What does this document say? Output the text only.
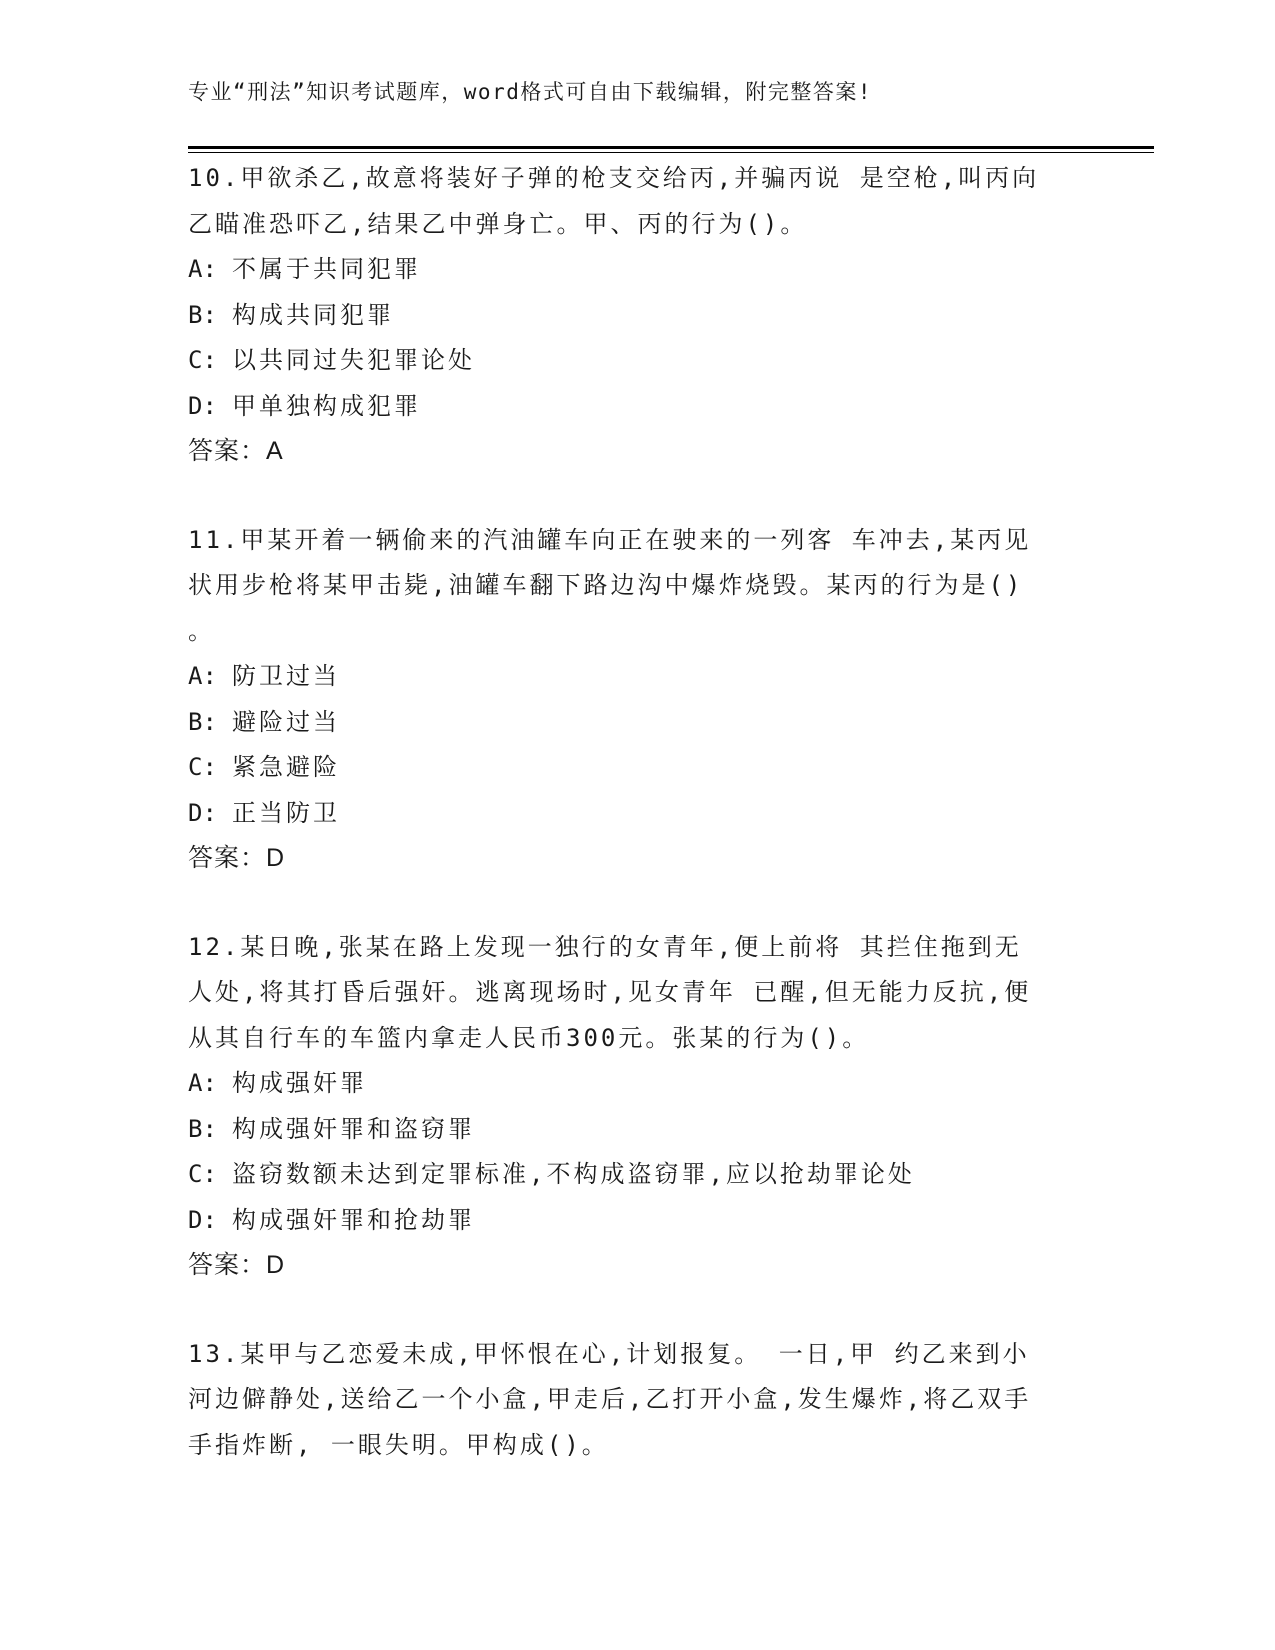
专业“刑法”知识考试题库，word格式可自由下载编辑，附完整答案!
10.甲欲杀乙,故意将装好子弹的枪支交给丙,并骗丙说 是空枪,叫丙向
乙瞄准恐吓乙,结果乙中弹身亡。甲、丙的行为()。
A: 不属于共同犯罪
B: 构成共同犯罪
C: 以共同过失犯罪论处
D: 甲单独构成犯罪
答案：A
11.甲某开着一辆偷来的汽油罐车向正在驶来的一列客 车冲去,某丙见
状用步枪将某甲击毙,油罐车翻下路边沟中爆炸烧毁。某丙的行为是()
。
A: 防卫过当
B: 避险过当
C: 紧急避险
D: 正当防卫
答案：D
12.某日晚,张某在路上发现一独行的女青年,便上前将 其拦住拖到无
人处,将其打昏后强奸。逃离现场时,见女青年 已醒,但无能力反抗,便
从其自行车的车篮内拿走人民币300元。张某的行为()。
A: 构成强奸罪
B: 构成强奸罪和盗窃罪
C: 盗窃数额未达到定罪标准,不构成盗窃罪,应以抢劫罪论处
D: 构成强奸罪和抢劫罪
答案：D
13.某甲与乙恋爱未成,甲怀恨在心,计划报复。 一日,甲 约乙来到小
河边僻静处,送给乙一个小盒,甲走后,乙打开小盒,发生爆炸,将乙双手
手指炸断, 一眼失明。甲构成()。
